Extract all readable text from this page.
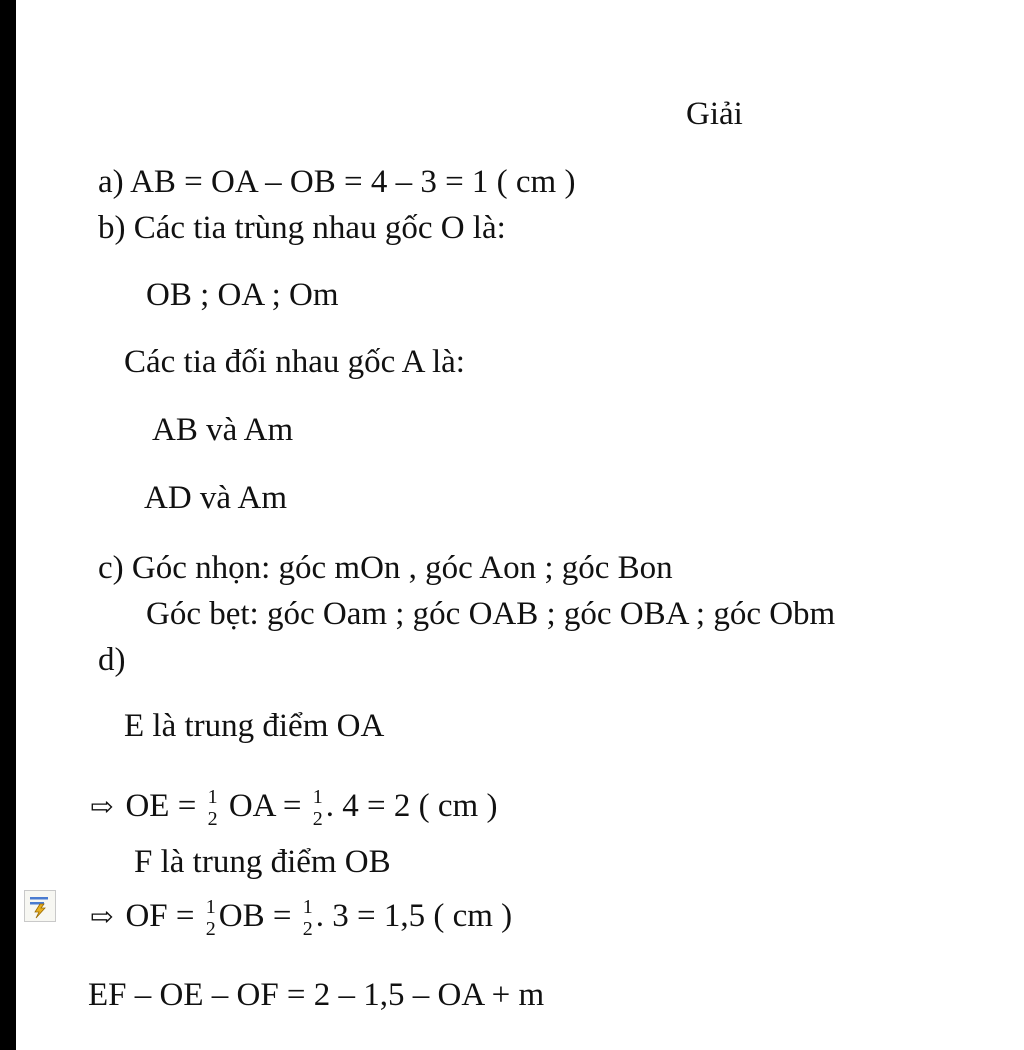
Giải
a) AB = OA – OB = 4 – 3 = 1 ( cm )
b) Các tia trùng nhau gốc O là:
OB ; OA ; Om
Các tia đối nhau gốc A là:
AB và Am
AD và Am
c) Góc nhọn: góc mOn , góc Aon ; góc Bon
Góc bẹt: góc Oam ; góc OAB ; góc OBA ; góc Obm
d)
E là trung điểm OA
⇨ OE = 1
2 OA = 1
2 . 4 = 2 ( cm )
F là trung điểm OB
⇨ OF = 1
2 OB = 1
2 . 3 = 1,5 ( cm )
EF – OE – OF = 2 – 1,5 – OA + m
